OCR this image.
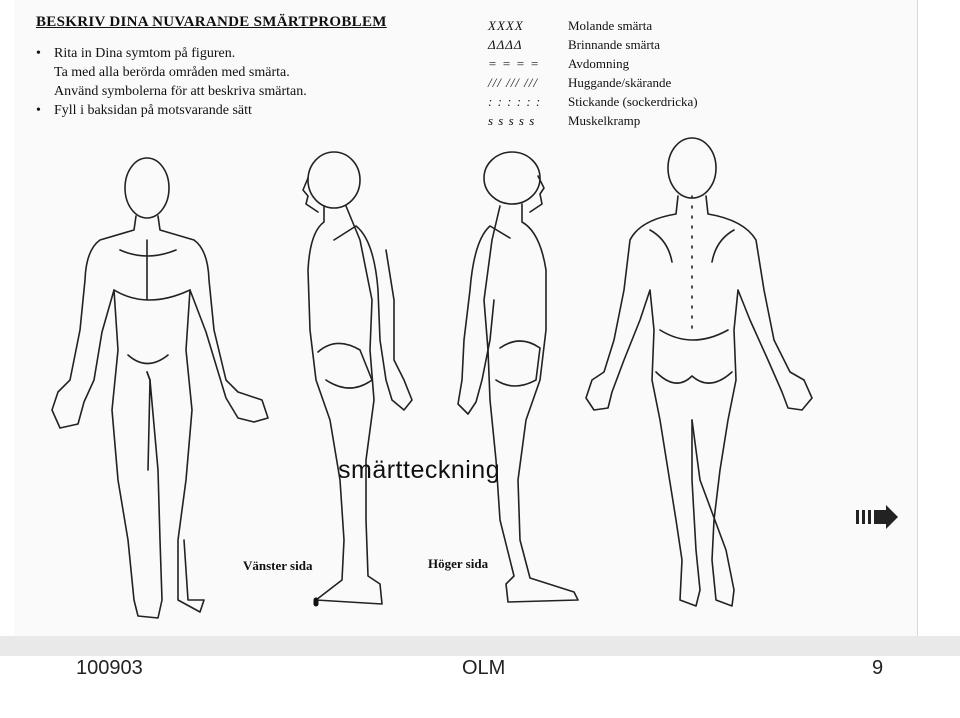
BESKRIV DINA NUVARANDE SMÄRTPROBLEM
• Rita in Dina symtom på figuren.
Ta med alla berörda områden med smärta.
Använd symbolerna för att beskriva smärtan.
• Fyll i baksidan på motsvarande sätt
XXXX	Molande smärta
ΔΔΔΔ	Brinnande smärta
= = = =	Avdomning
/// /// ///	Huggande/skärande
: : : : : :	Stickande (sockerdricka)
s s s s s	Muskelkramp
Vänster sida	Höger sida
smärtteckning
100903	OLM	9
